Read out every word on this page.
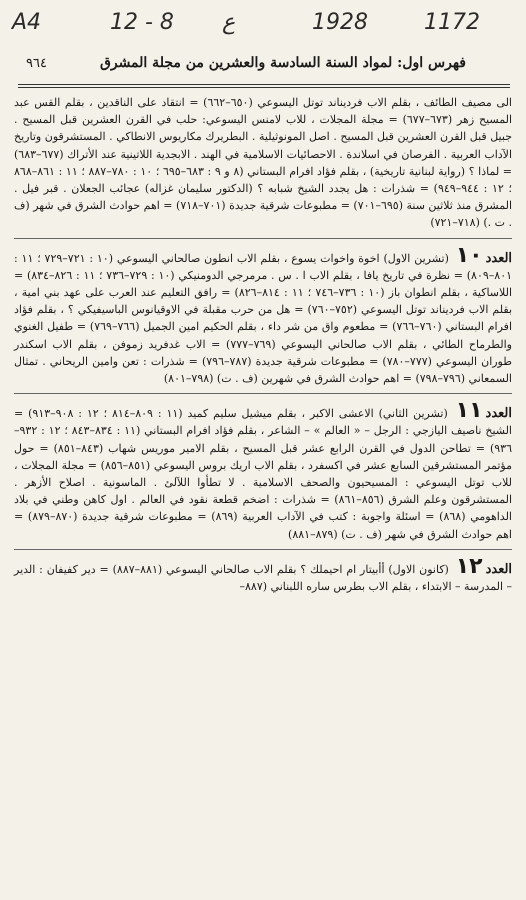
A4	12 - 8 ع	1928	1172
فهرس اول: لمواد السنة السادسة والعشرين من مجلة المشرق
٩٦٤

الى مصيف الطائف ، بقلم الاب فرديناند توتل اليسوعي (٦٥٠–٦٦٢) = انتقاد على الناقدين ، بقلم القس عبد المسيح زهر (٦٧٣–٦٧٧) = مجلة المجلات ، للاب لامنس اليسوعي: حلب في القرن العشرين قبل المسيح . جبيل قبل القرن العشرين قبل المسيح . اصل المونوثيلية . البطريرك مكاريوس الانطاكي . المستشرقون وتاريخ الآداب العربية . الفرصان في اسلاندة . الاحصائيات الاسلامية في الهند . الابجدية اللاتينية عند الأتراك (٦٧٧–٦٨٣) = لماذا ؟ (رواية لبنانية تاريخية) ، بقلم فؤاد افرام البستاني (٨ و ٩ : ٦٨٣–٦٩٥ ؛ ١٠ : ٧٨٠–٨٨٧ ؛ ١١ : ٨٦١–٨٦٨ ؛ ١٢ : ٩٤٤–٩٤٩) = شذرات : هل يجدد الشيخ شبابه ؟ (الدكتور سليمان غزاله) عجائب الجعلان . قبر فيل . المشرق منذ ثلاثين سنة (٦٩٥–٧٠١) = مطبوعات شرقية جديدة (٧٠١–٧١٨) = اهم حوادث الشرق في شهر (ف . ت .) (٧١٨–٧٢١)

العدد١٠ (تشرين الاول) اخوة واخوات يسوع ، بقلم الاب انطون صالحاني اليسوعي (١٠ : ٧٢١–٧٢٩ ؛ ١١ : ٨٠١–٨٠٩) = نظرة في تاريخ يافا ، بقلم الاب ا . س . مرمرجي الدومنيكي (١٠ : ٧٢٩–٧٣٦ ؛ ١١ : ٨٢٦–٨٣٤) = اللاساكية ، بقلم انطوان باز (١٠ : ٧٣٦–٧٤٦ ؛ ١١ : ٨١٤–٨٢٦) = رافق التعليم عند العرب على عهد بني امية ، بقلم الاب فرديناند توتل اليسوعي (٧٥٢–٧٦٠) = هل من حرب مقبلة في الاوقيانوس الباسيفيكي ؟ ، بقلم فؤاد افرام البستاني (٧٦٠–٧٦٦) = مطعوم واق من شر داء ، بقلم الحكيم امين الجميل (٧٦٦–٧٦٩) = طفيل الغنوي والطرماح الطائي ، بقلم الاب صالحاني اليسوعي (٧٦٩–٧٧٧) = الاب غدفريد زموفن ، بقلم الاب اسكندر طوران اليسوعي (٧٧٧–٧٨٠) = مطبوعات شرقية جديدة (٧٨٧–٧٩٦) = شذرات : تعن وامين الريحاني . تمثال السمعاني (٧٩٦–٧٩٨) = اهم حوادث الشرق في شهرين (ف . ت) (٧٩٨–٨٠١)
العدد١١ (تشرين الثاني) الاعشى الاكبر ، بقلم ميشيل سليم كميد (١١ : ٨٠٩–٨١٤ ؛ ١٢ : ٩٠٨–٩١٣) = الشيخ ناصيف اليازجي : الرجل – « العالم » – الشاعر ، بقلم فؤاد افرام البستاني (١١ : ٨٣٤–٨٤٣ ؛ ١٢ : ٩٣٢–٩٣٦) = تطاحن الدول في القرن الرابع عشر قبل المسيح ، بقلم الامير موريس شهاب (٨٤٣–٨٥١) = حول مؤتمر المستشرقين السابع عشر في اكسفرد ، بقلم الاب اريك بروس اليسوعي (٨٥١–٨٥٦) = مجلة المجلات ، للاب توتل اليسوعي : المسيحيون والصحف الاسلامية . لا تطأوا اللآلئ . الماسونية . اصلاح الأزهر . المستشرقون وعلم الشرق (٨٥٦–٨٦١) = شذرات : اضخم قطعة نقود في العالم . اول كاهن وطني في بلاد الداهومي (٨٦٨) = اسئلة واجوبة : كتب في الآداب العربية (٨٦٩) = مطبوعات شرقية جديدة (٨٧٠–٨٧٩) = اهم حوادث الشرق في شهر (ف . ت) (٨٧٩–٨٨١)
العدد١٢ (كانون الاول) أأبيتار ام احيملك ؟ بقلم الاب صالحاني اليسوعي (٨٨١–٨٨٧) = دير كفيفان : الدير – المدرسة – الابتداء ، بقلم الاب بطرس ساره اللبناني (٨٨٧–
